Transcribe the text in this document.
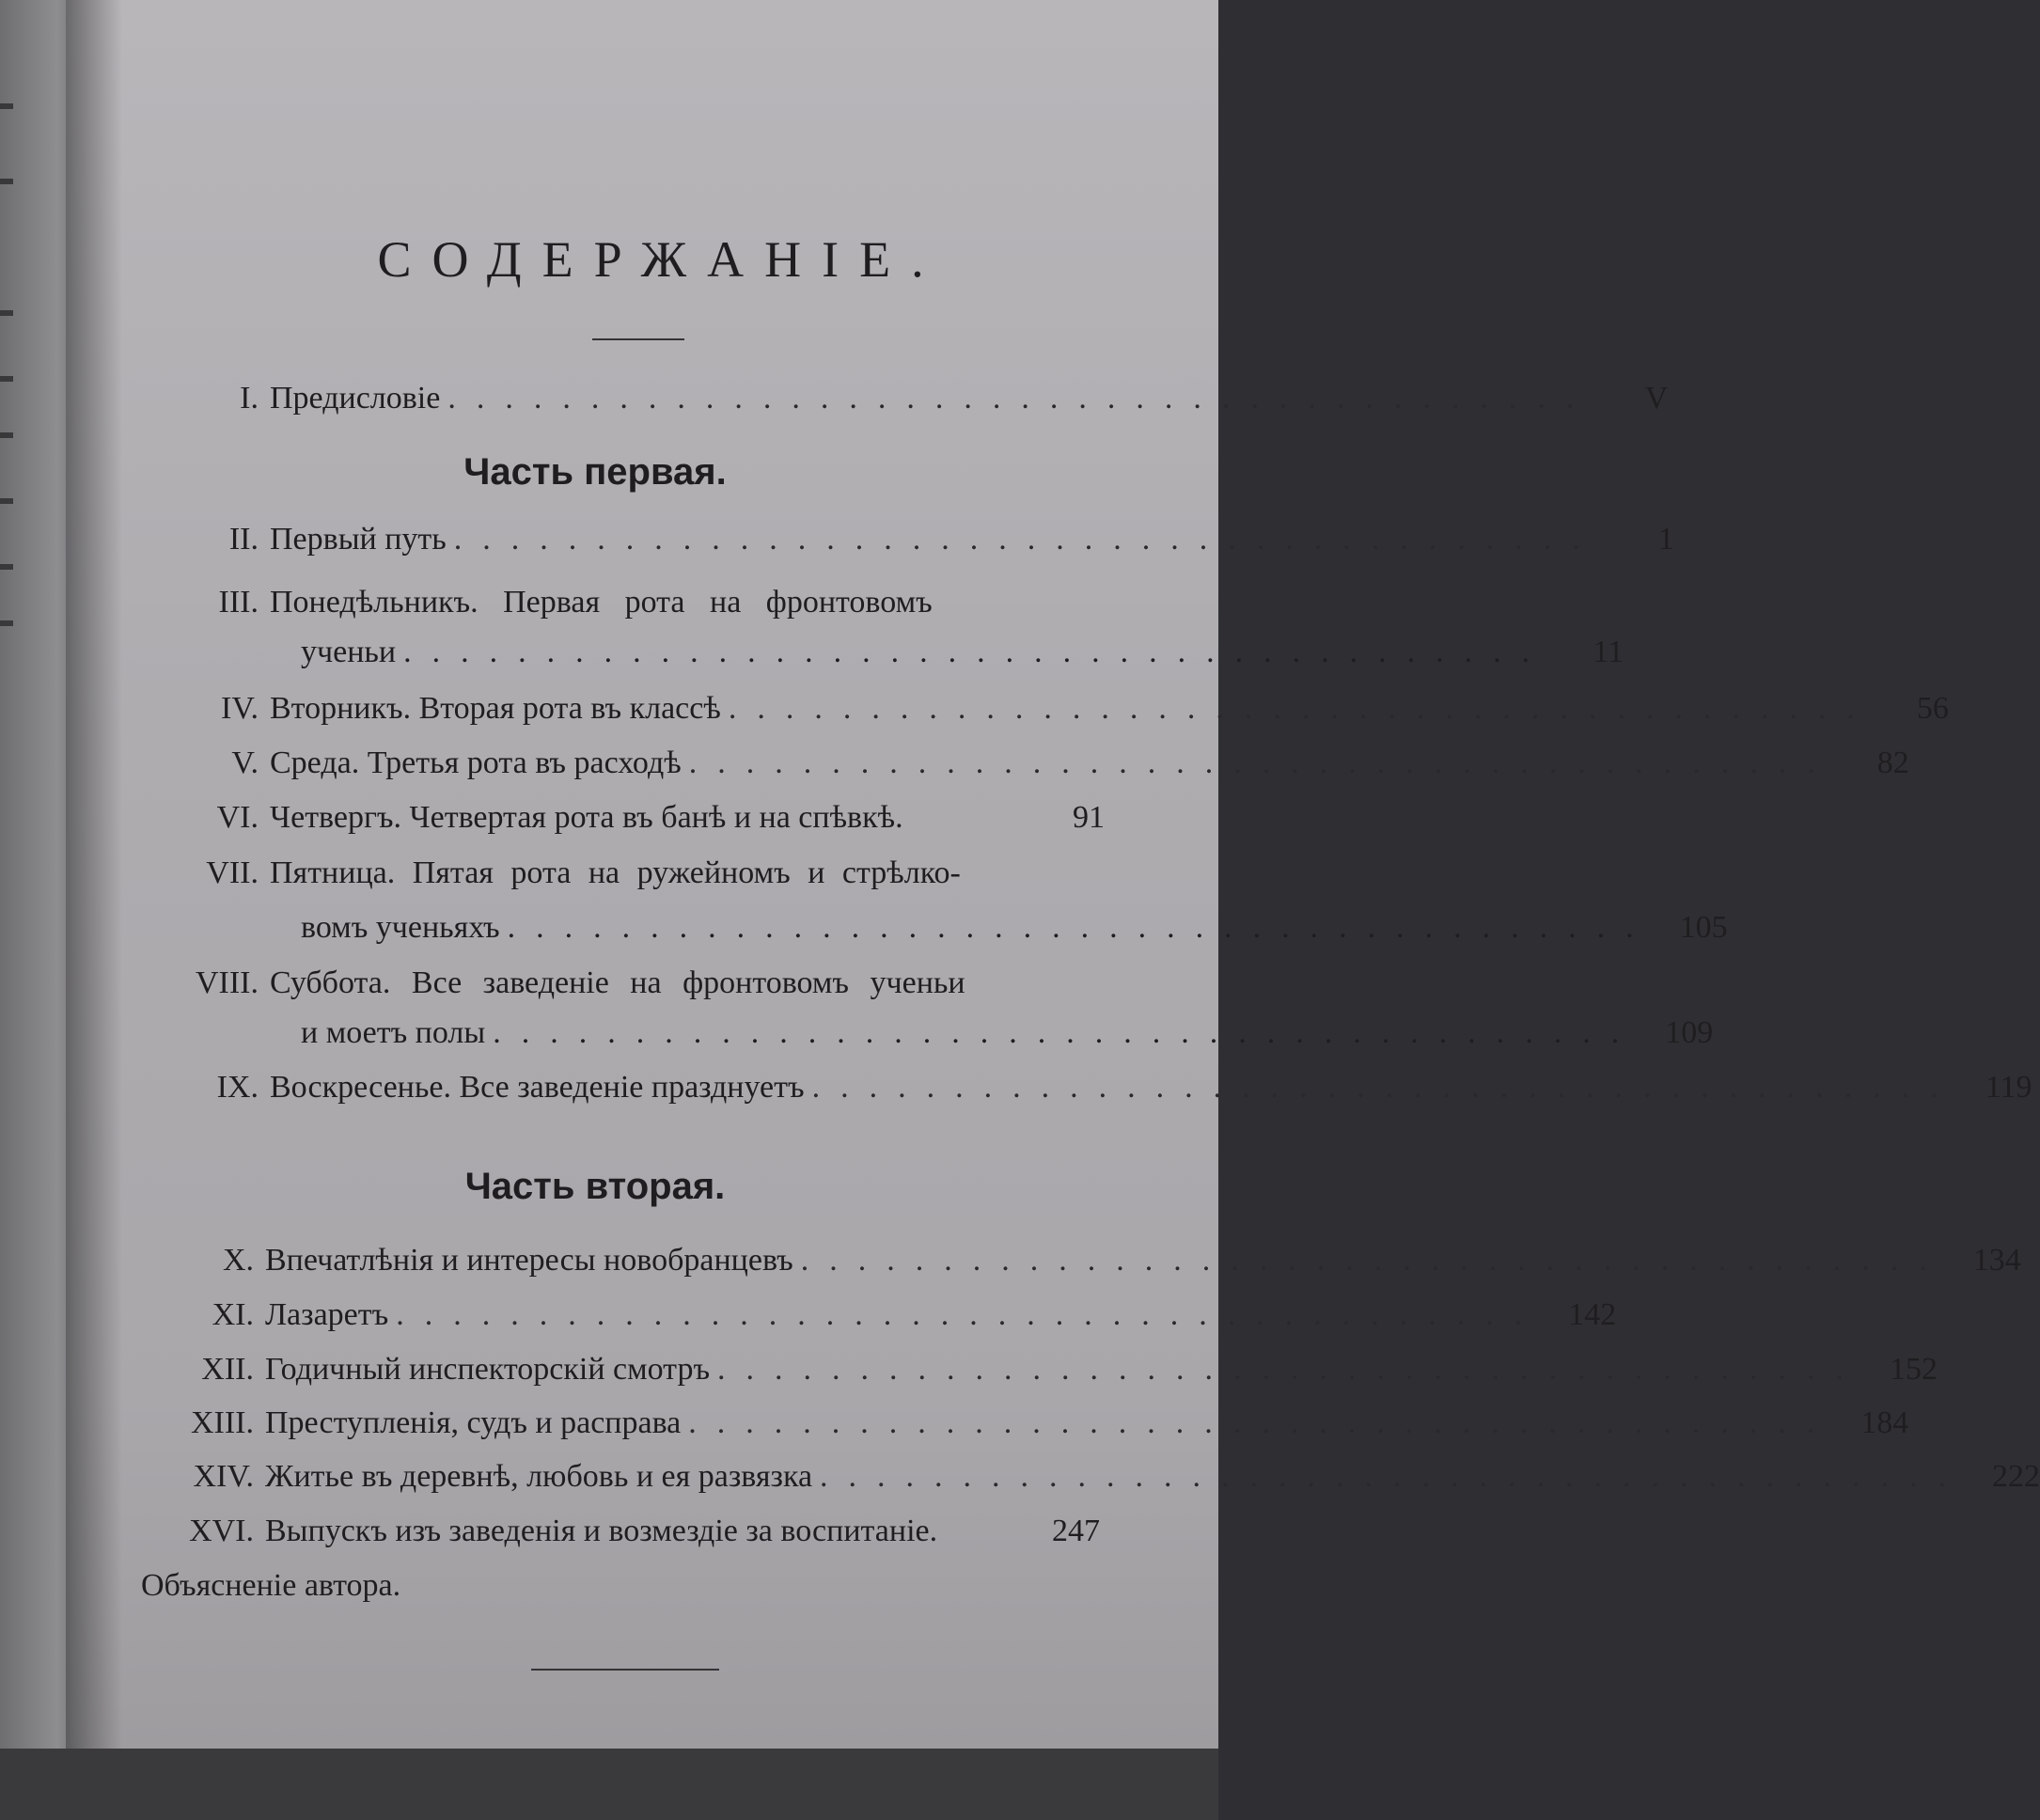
СОДЕРЖАНІЕ.
I. Предисловіе ........................................	V
Часть первая.
II. Первый путь ........................................	1
III. Понедѣльникъ. Первая рота на фронтовомъ
ученьи ........................................	11
IV. Вторникъ. Вторая рота въ классѣ ........................................	56
V. Среда. Третья рота въ расходѣ ........................................	82
VI. Четвергъ. Четвертая рота въ банѣ и на спѣвкѣ.	91
VII. Пятница. Пятая рота на ружейномъ и стрѣлко-
вомъ ученьяхъ ........................................ 105
VIII. Суббота. Все заведеніе на фронтовомъ ученьи
и моетъ полы ........................................ 109
IX. Воскресенье. Все заведеніе празднуетъ ........................................ 119
Часть вторая.
X. Впечатлѣнія и интересы новобранцевъ ........................................ 134
XI. Лазаретъ ........................................ 142
XII. Годичный инспекторскій смотръ ........................................ 152
XIII. Преступленія, судъ и расправа ........................................ 184
XIV. Житье въ деревнѣ, любовь и ея развязка ........................................ 222
XVI. Выпускъ изъ заведенія и возмездіе за воспитаніе.	247
Объясненіе автора.
